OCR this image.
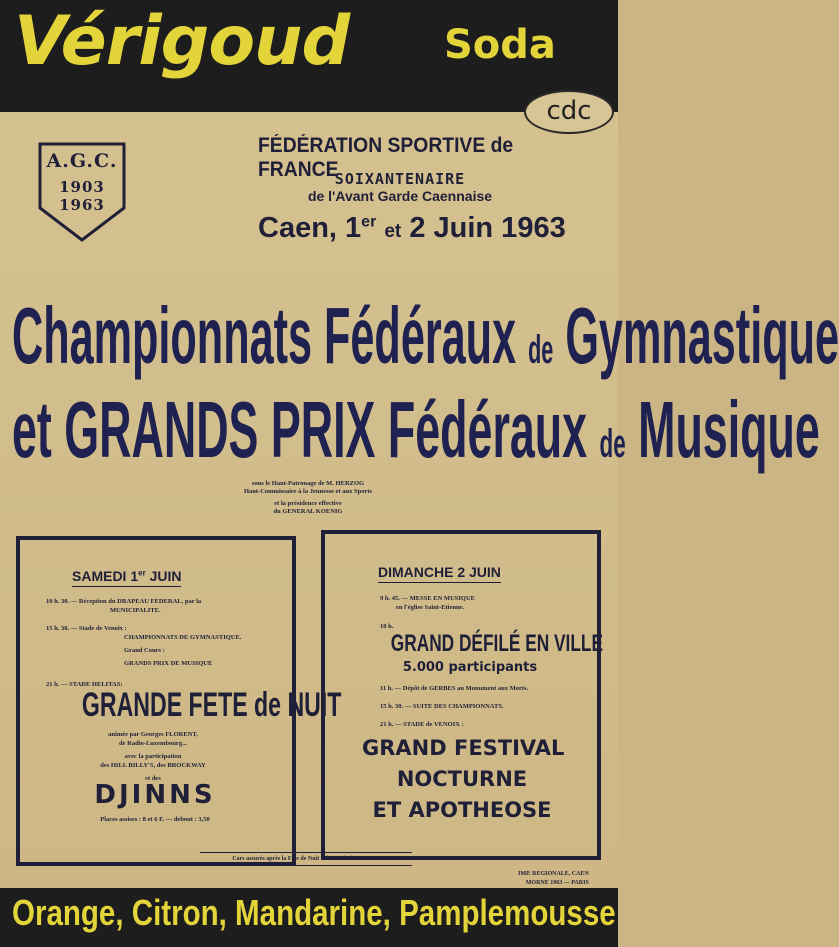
Vérigoud Soda
cdc
A.G.C.
1903
1963
FÉDÉRATION SPORTIVE de FRANCE
SOIXANTENAIRE
de l'Avant Garde Caennaise
Caen, 1er et 2 Juin 1963
Championnats Fédéraux de Gymnastique
et GRANDS PRIX Fédéraux de Musique
sous le Haut-Patronage de M. HERZOG
Haut-Commissaire à la Jeunesse et aux Sports
et la présidence effective
du GENERAL KOENIG
SAMEDI 1er JUIN
10 h. 30. — Réception du DRAPEAU FEDERAL, par la
MUNICIPALITE.
15 h. 30. — Stade de Venoix :
CHAMPIONNATS DE GYMNASTIQUE.
Grand Cours :
GRANDS PRIX DE MUSIQUE
21 h. — STADE HELITAS:
GRANDE FETE de NUIT
animée par Georges FLORENT,
de Radio-Luxembourg...
avec la participation
des HILL BILLY'S, des BROCKWAY
et des
DJINNS
Places assises : 8 et 6 F. — debout : 3,50
DIMANCHE 2 JUIN
9 h. 45. — MESSE EN MUSIQUE
en l'église Saint-Etienne.
10 h.
GRAND DÉFILÉ EN VILLE
5.000 participants
11 h. — Dépôt de GERBES au Monument aux Morts.
15 h. 30. — SUITE DES CHAMPIONNATS.
21 h. — STADE de VENOIX :
GRAND FESTIVAL
NOCTURNE
ET APOTHEOSE
Cars assurés après la Fête de Nuit et le Festival Nocturne.
IMP. REGIONALE, CAEN
MORNE 1963 — PARIS
Orange, Citron, Mandarine, Pamplemousse
